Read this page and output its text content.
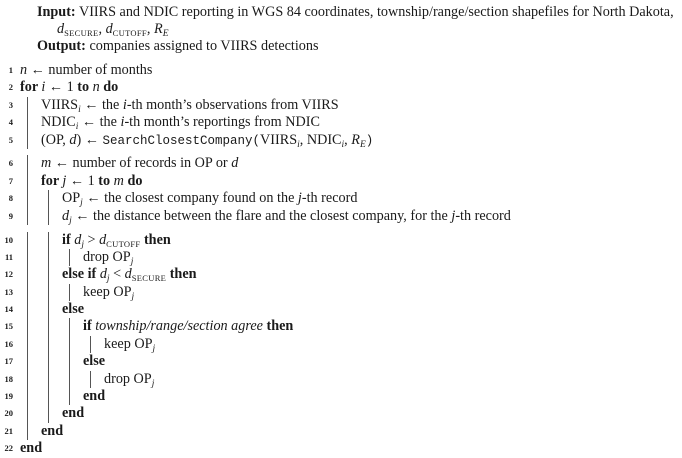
Input: VIIRS and NDIC reporting in WGS 84 coordinates, township/range/section shapefiles for North Dakota,
$d_{SECURE}$, $d_{CUTOFF}$, $R_E$
Output: companies assigned to VIIRS detections
1 n ← number of months
2 for i ← 1 to n do
3 $VIIRS_i$ ← the i-th month’s observations from VIIRS
4 $NDIC_i$ ← the i-th month’s reportings from NDIC
5 (OP, d) ← $SearchClosestCompany(VIIRS_i$, $NDIC_i$, $R_E$)
6 m ← number of records in OP or d
7 for j ← 1 to m do
8	$OP_j$ ← the closest company found on the j-th record
9	$d_j$ ← the distance between the flare and the closest company, for the j-th record
10	if $d_j > d_{CUTOFF}$ then
11	drop $OP_j$
12	else if $d_j < d_{SECURE}$ then
13	keep $OP_j$
14	else
15	if township/range/section agree then
16	keep $OP_j$
17	else
18	drop $OP_j$
19	end
20	end
21 end
22 end
